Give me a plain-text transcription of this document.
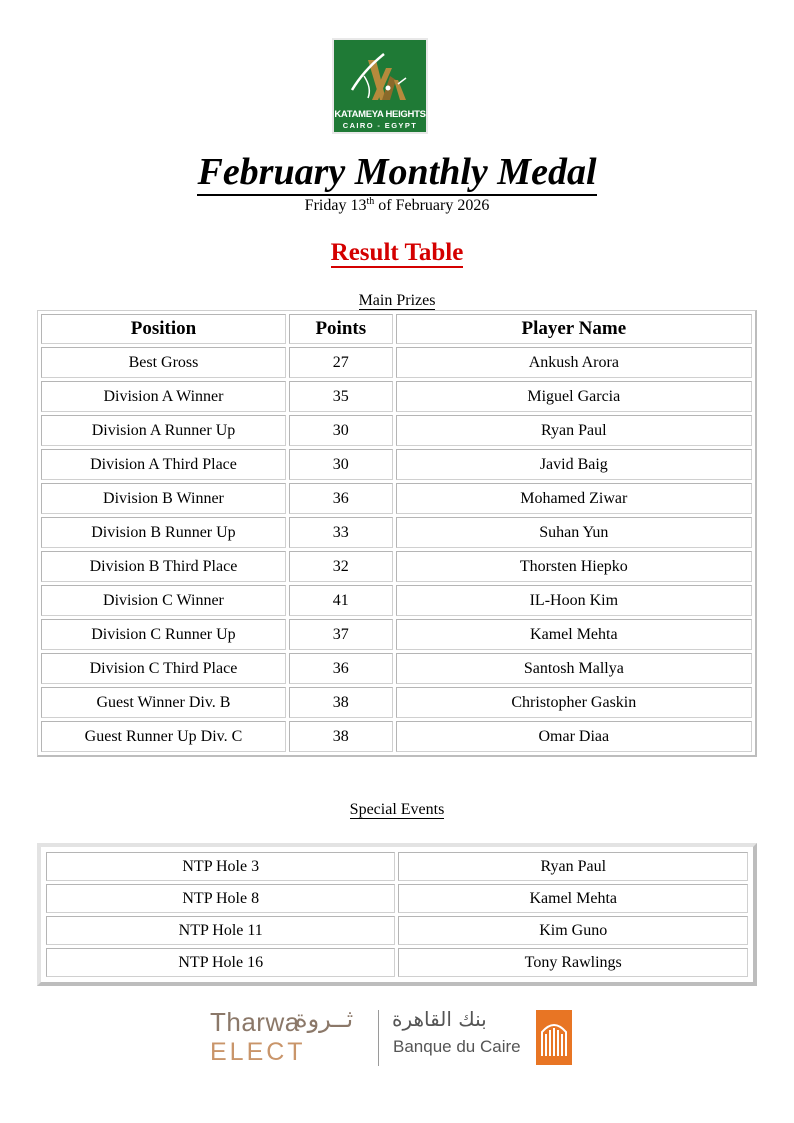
KATAMEYA HEIGHTS
CAIRO - EGYPT
February Monthly Medal
Friday 13th of February 2026
Result Table
Main Prizes
Position	Points	Player Name
Best Gross	27	Ankush Arora
Division A Winner	35	Miguel Garcia
Division A Runner Up	30	Ryan Paul
Division A Third Place	30	Javid Baig
Division B Winner	36	Mohamed Ziwar
Division B Runner Up	33	Suhan Yun
Division B Third Place	32	Thorsten Hiepko
Division C Winner	41	IL-Hoon Kim
Division C Runner Up	37	Kamel Mehta
Division C Third Place	36	Santosh Mallya
Guest Winner Div. B	38	Christopher Gaskin
Guest Runner Up Div. C	38	Omar Diaa
Special Events
NTP Hole 3	Ryan Paul
NTP Hole 8	Kamel Mehta
NTP Hole 11	Kim Guno
NTP Hole 16	Tony Rawlings
Tharwa
ELECT
ثــروة بنك القاهرة
Banque du Caire
